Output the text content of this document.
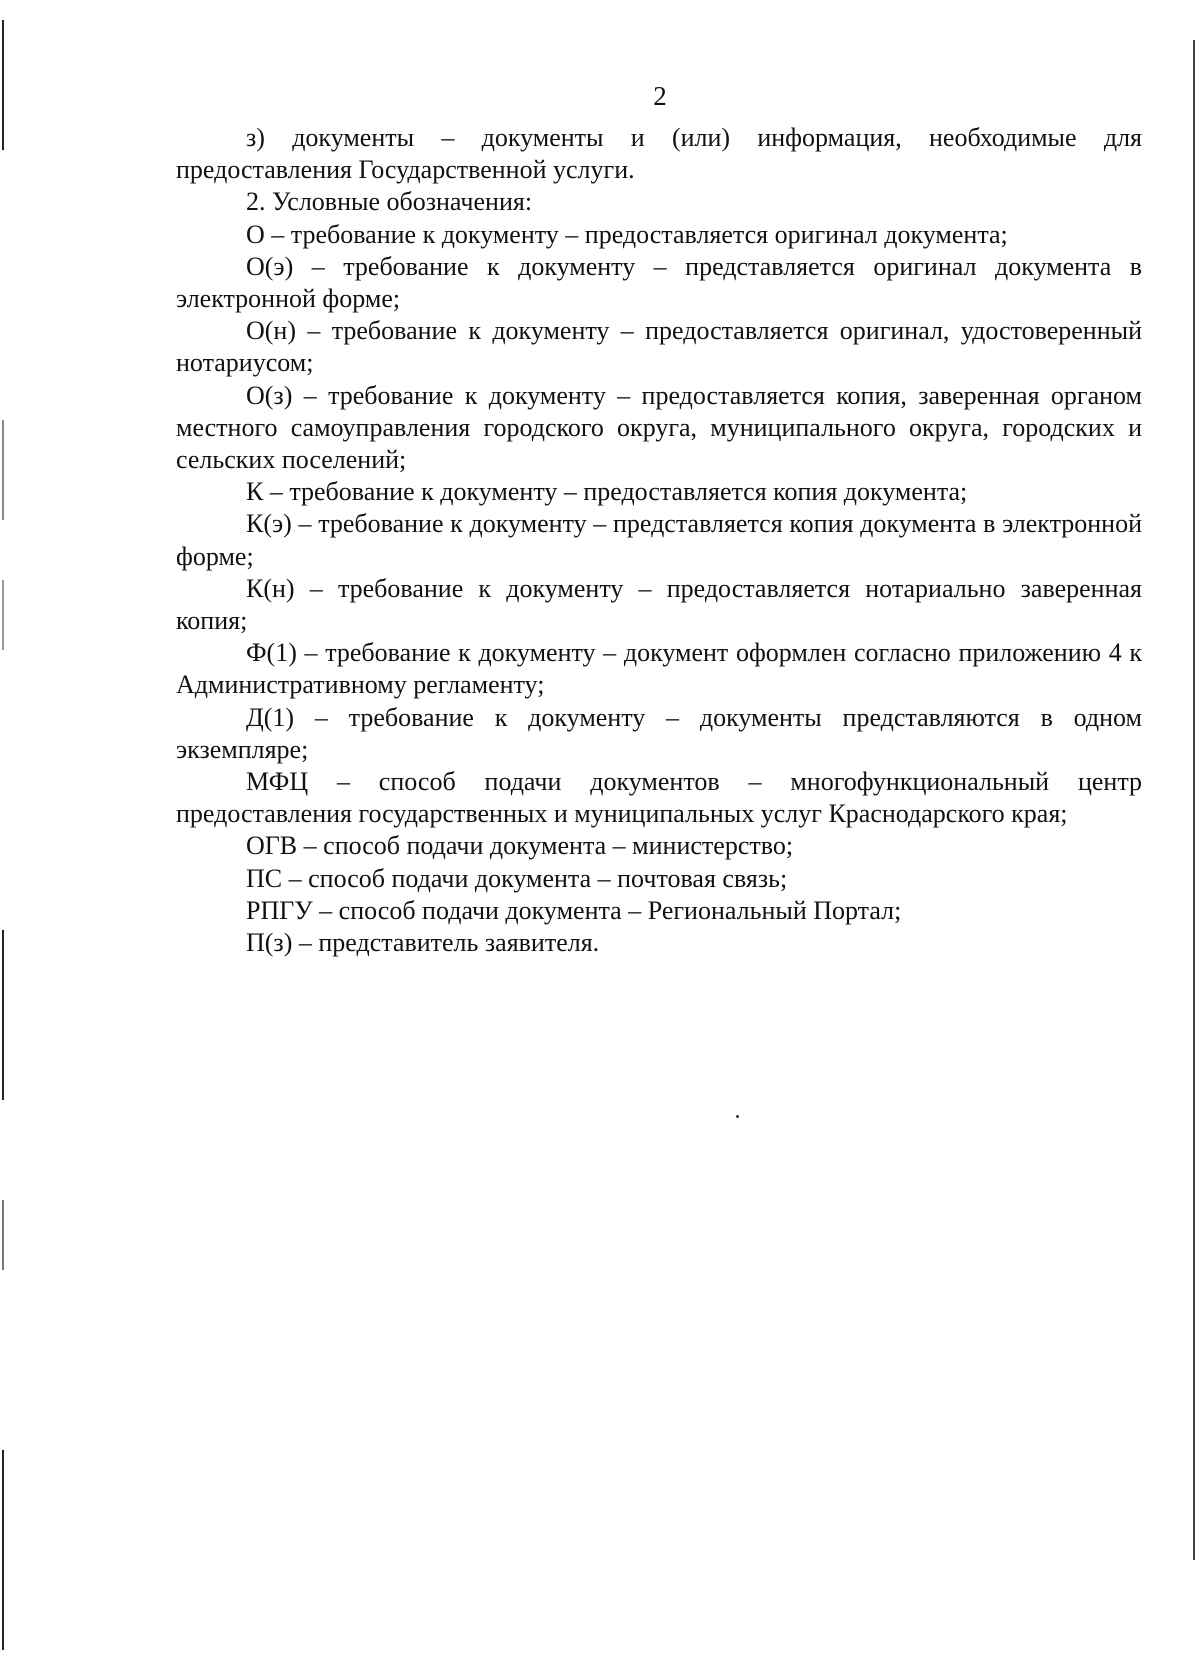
2

з) документы – документы и (или) информация, необходимые для предоставления Государственной услуги.

2. Условные обозначения:

О – требование к документу – предоставляется оригинал документа;

О(э) – требование к документу – представляется оригинал документа в электронной форме;

О(н) – требование к документу – предоставляется оригинал, удостоверенный нотариусом;

О(з) – требование к документу – предоставляется копия, заверенная органом местного самоуправления городского округа, муниципального округа, городских и сельских поселений;

К – требование к документу – предоставляется копия документа;

К(э) – требование к документу – представляется копия документа в электронной форме;

К(н) – требование к документу – предоставляется нотариально заверенная копия;

Ф(1) – требование к документу – документ оформлен согласно приложению 4 к Административному регламенту;

Д(1) – требование к документу – документы представляются в одном экземпляре;

МФЦ – способ подачи документов – многофункциональный центр предоставления государственных и муниципальных услуг Краснодарского края;

ОГВ – способ подачи документа – министерство;

ПС – способ подачи документа – почтовая связь;

РПГУ – способ подачи документа – Региональный Портал;

П(з) – представитель заявителя.
